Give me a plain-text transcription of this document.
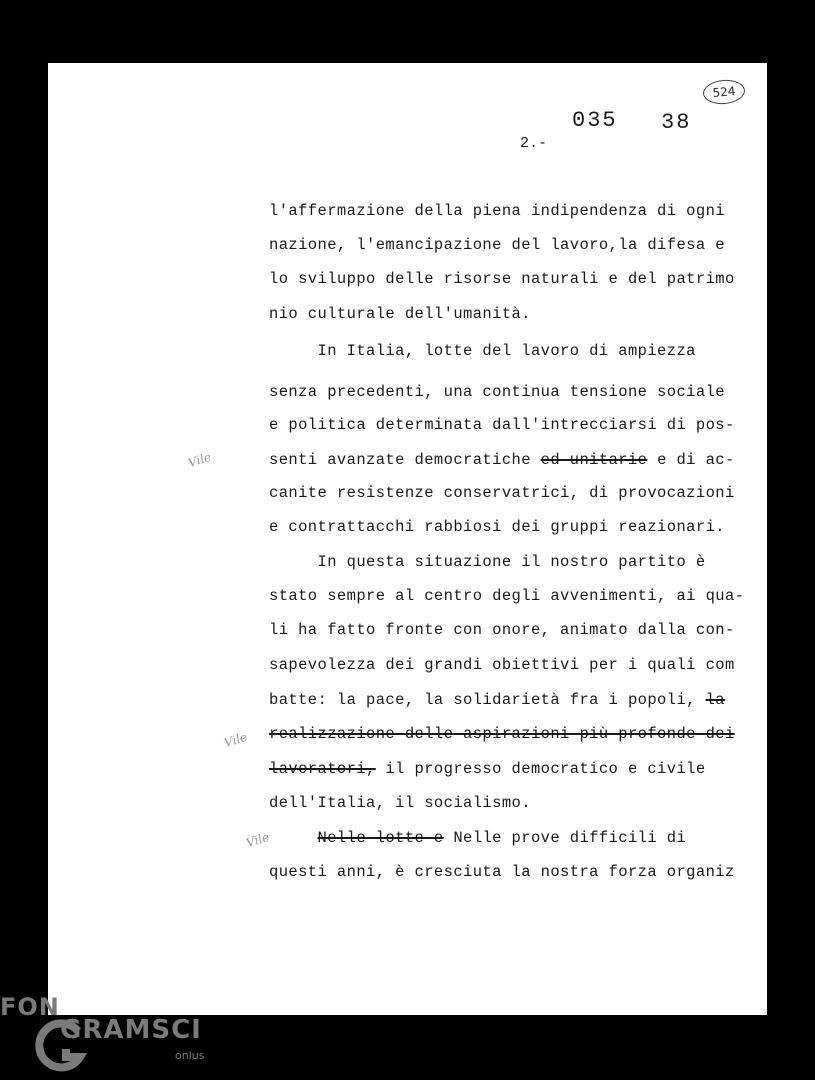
524
035 38
2.-
l'affermazione della piena indipendenza di ogni
nazione, l'emancipazione del lavoro,la difesa e
lo sviluppo delle risorse naturali e del patrimo
nio culturale dell'umanità.
In Italia, lotte del lavoro di ampiezza
senza precedenti, una continua tensione sociale
e politica determinata dall'intrecciarsi di pos-
senti avanzate democratiche ed unitarie e di ac-
canite resistenze conservatrici, di provocazioni
e contrattacchi rabbiosi dei gruppi reazionari.
In questa situazione il nostro partito è
stato sempre al centro degli avvenimenti, ai qua-
li ha fatto fronte con onore, animato dalla con-
sapevolezza dei grandi obiettivi per i quali com
batte: la pace, la solidarietà fra i popoli, la
realizzazione delle aspirazioni più profonde dei
lavoratori, il progresso democratico e civile
dell'Italia, il socialismo.
Nelle lotte e Nelle prove difficili di
questi anni, è cresciuta la nostra forza organiz
Vile
Vile
Vile
FON
GRAMSCI
onlus
